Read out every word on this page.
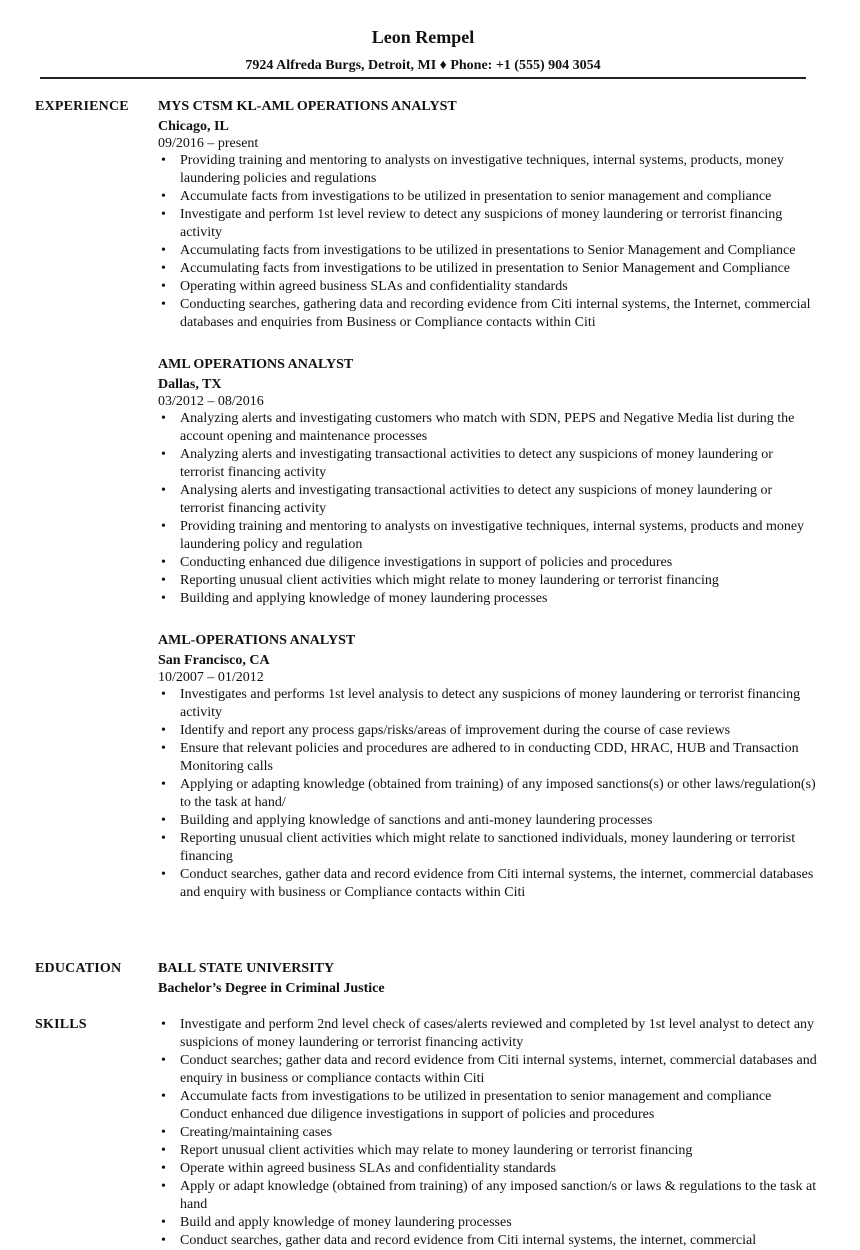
Leon Rempel
7924 Alfreda Burgs, Detroit, MI ♦ Phone: +1 (555) 904 3054
EXPERIENCE MYS CTSM KL-AML OPERATIONS ANALYST
Chicago, IL
09/2016 – present
• Providing training and mentoring to analysts on investigative techniques, internal systems, products, money laundering policies and regulations
• Accumulate facts from investigations to be utilized in presentation to senior management and compliance
• Investigate and perform 1st level review to detect any suspicions of money laundering or terrorist financing activity
• Accumulating facts from investigations to be utilized in presentations to Senior Management and Compliance
• Accumulating facts from investigations to be utilized in presentation to Senior Management and Compliance
• Operating within agreed business SLAs and confidentiality standards
• Conducting searches, gathering data and recording evidence from Citi internal systems, the Internet, commercial databases and enquiries from Business or Compliance contacts within Citi
AML OPERATIONS ANALYST
Dallas, TX
03/2012 – 08/2016
• Analyzing alerts and investigating customers who match with SDN, PEPS and Negative Media list during the account opening and maintenance processes
• Analyzing alerts and investigating transactional activities to detect any suspicions of money laundering or terrorist financing activity
• Analysing alerts and investigating transactional activities to detect any suspicions of money laundering or terrorist financing activity
• Providing training and mentoring to analysts on investigative techniques, internal systems, products and money laundering policy and regulation
• Conducting enhanced due diligence investigations in support of policies and procedures
• Reporting unusual client activities which might relate to money laundering or terrorist financing
• Building and applying knowledge of money laundering processes
AML-OPERATIONS ANALYST
San Francisco, CA
10/2007 – 01/2012
• Investigates and performs 1st level analysis to detect any suspicions of money laundering or terrorist financing activity
• Identify and report any process gaps/risks/areas of improvement during the course of case reviews
• Ensure that relevant policies and procedures are adhered to in conducting CDD, HRAC, HUB and Transaction Monitoring calls
• Applying or adapting knowledge (obtained from training) of any imposed sanctions(s) or other laws/regulation(s) to the task at hand/
• Building and applying knowledge of sanctions and anti-money laundering processes
• Reporting unusual client activities which might relate to sanctioned individuals, money laundering or terrorist financing
• Conduct searches, gather data and record evidence from Citi internal systems, the internet, commercial databases and enquiry with business or Compliance contacts within Citi
EDUCATION	BALL STATE UNIVERSITY
Bachelor’s Degree in Criminal Justice
SKILLS
•	Investigate and perform 2nd level check of cases/alerts reviewed and completed by 1st level analyst to detect any suspicions of money laundering or terrorist financing activity
• Conduct searches; gather data and record evidence from Citi internal systems, internet, commercial databases and enquiry in business or compliance contacts within Citi
• Accumulate facts from investigations to be utilized in presentation to senior management and compliance Conduct enhanced due diligence investigations in support of policies and procedures
• Creating/maintaining cases
• Report unusual client activities which may relate to money laundering or terrorist financing
• Operate within agreed business SLAs and confidentiality standards
• Apply or adapt knowledge (obtained from training) of any imposed sanction/s or laws & regulations to the task at hand
• Build and apply knowledge of money laundering processes
• Conduct searches, gather data and record evidence from Citi internal systems, the internet, commercial
